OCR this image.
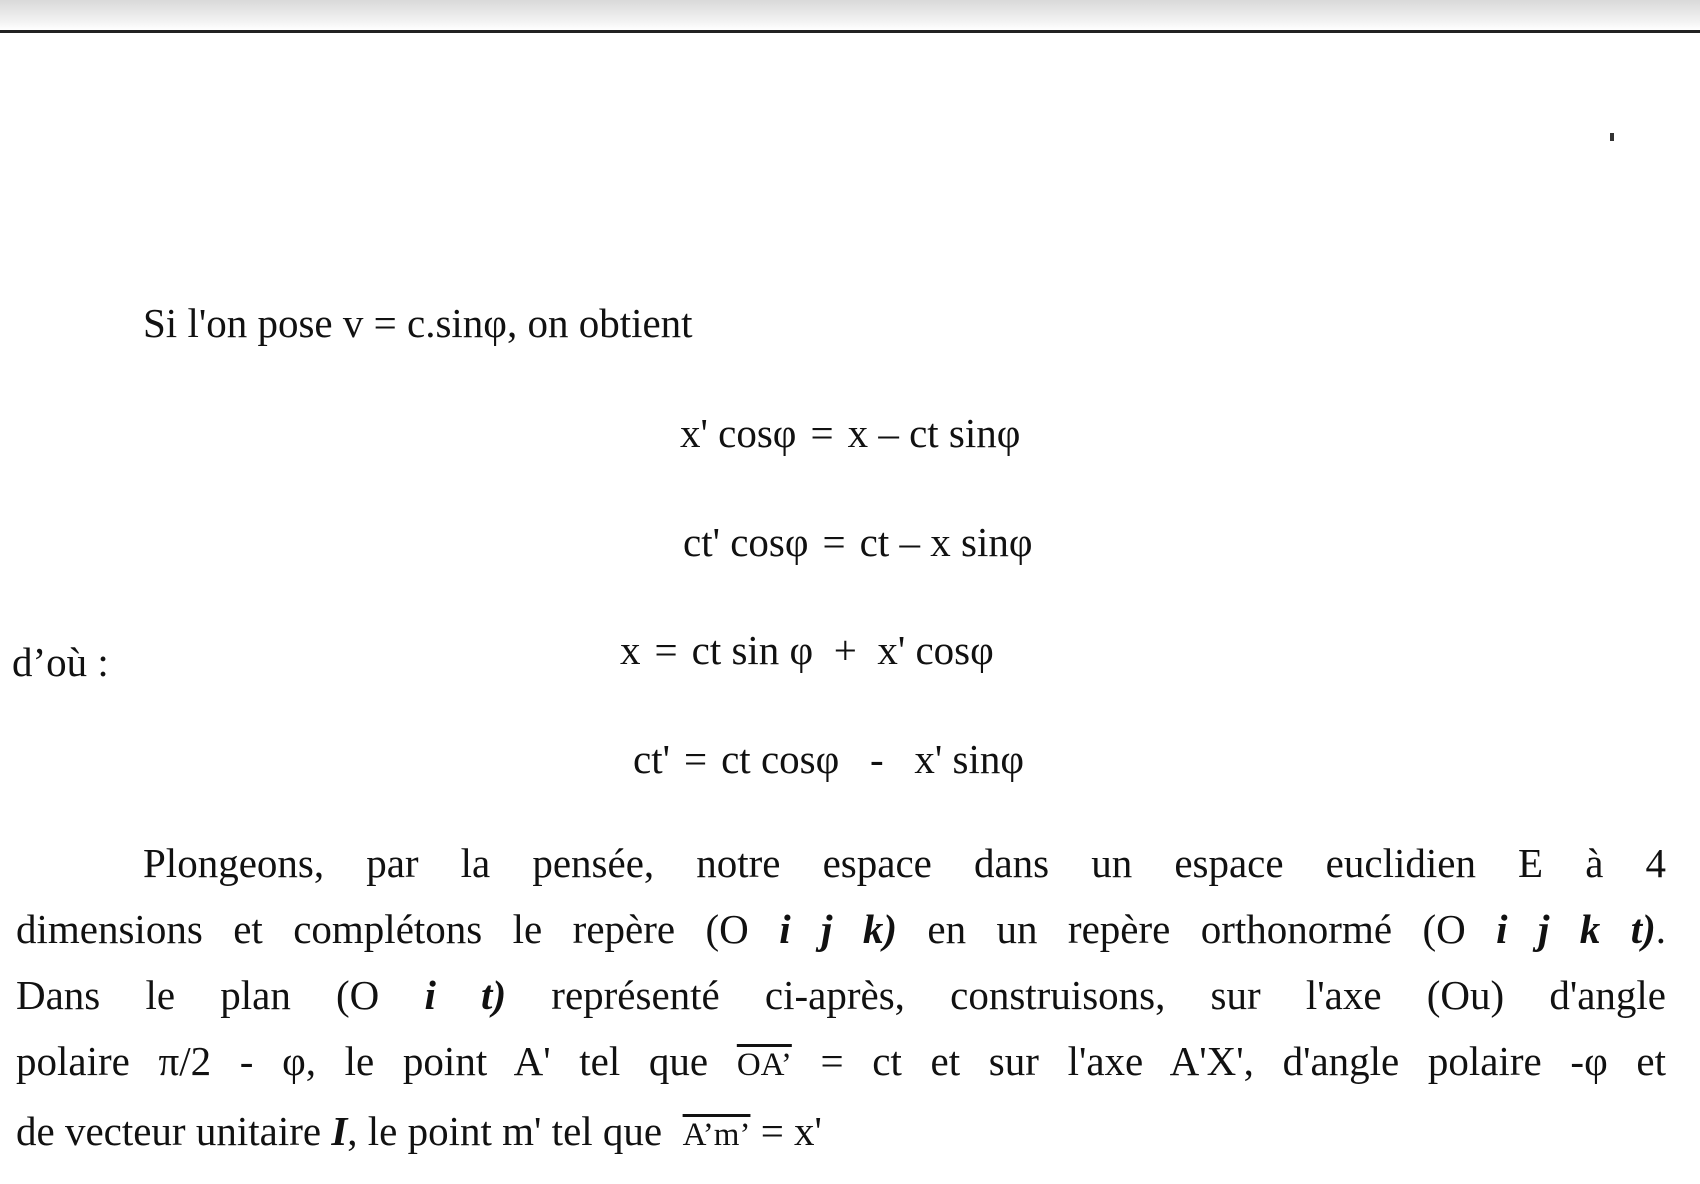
Si l'on pose v = c.sinφ, on obtient
x' cosφ = x – ct sinφ
ct' cosφ = ct – x sinφ
d’où :	x = ct sin φ  +  x' cosφ
ct' = ct cosφ   -   x' sinφ
Plongeons, par la pensée, notre espace dans un espace euclidien E à 4
dimensions et complétons le repère (O i j k) en un repère orthonormé (O i j k t).
Dans le plan (O i t) représenté ci-après, construisons, sur l'axe (Ou) d'angle
polaire π/2 - φ, le point A' tel que OA’ = ct et sur l'axe A'X', d'angle polaire -φ et
de vecteur unitaire I, le point m' tel que  A’m’ = x'
